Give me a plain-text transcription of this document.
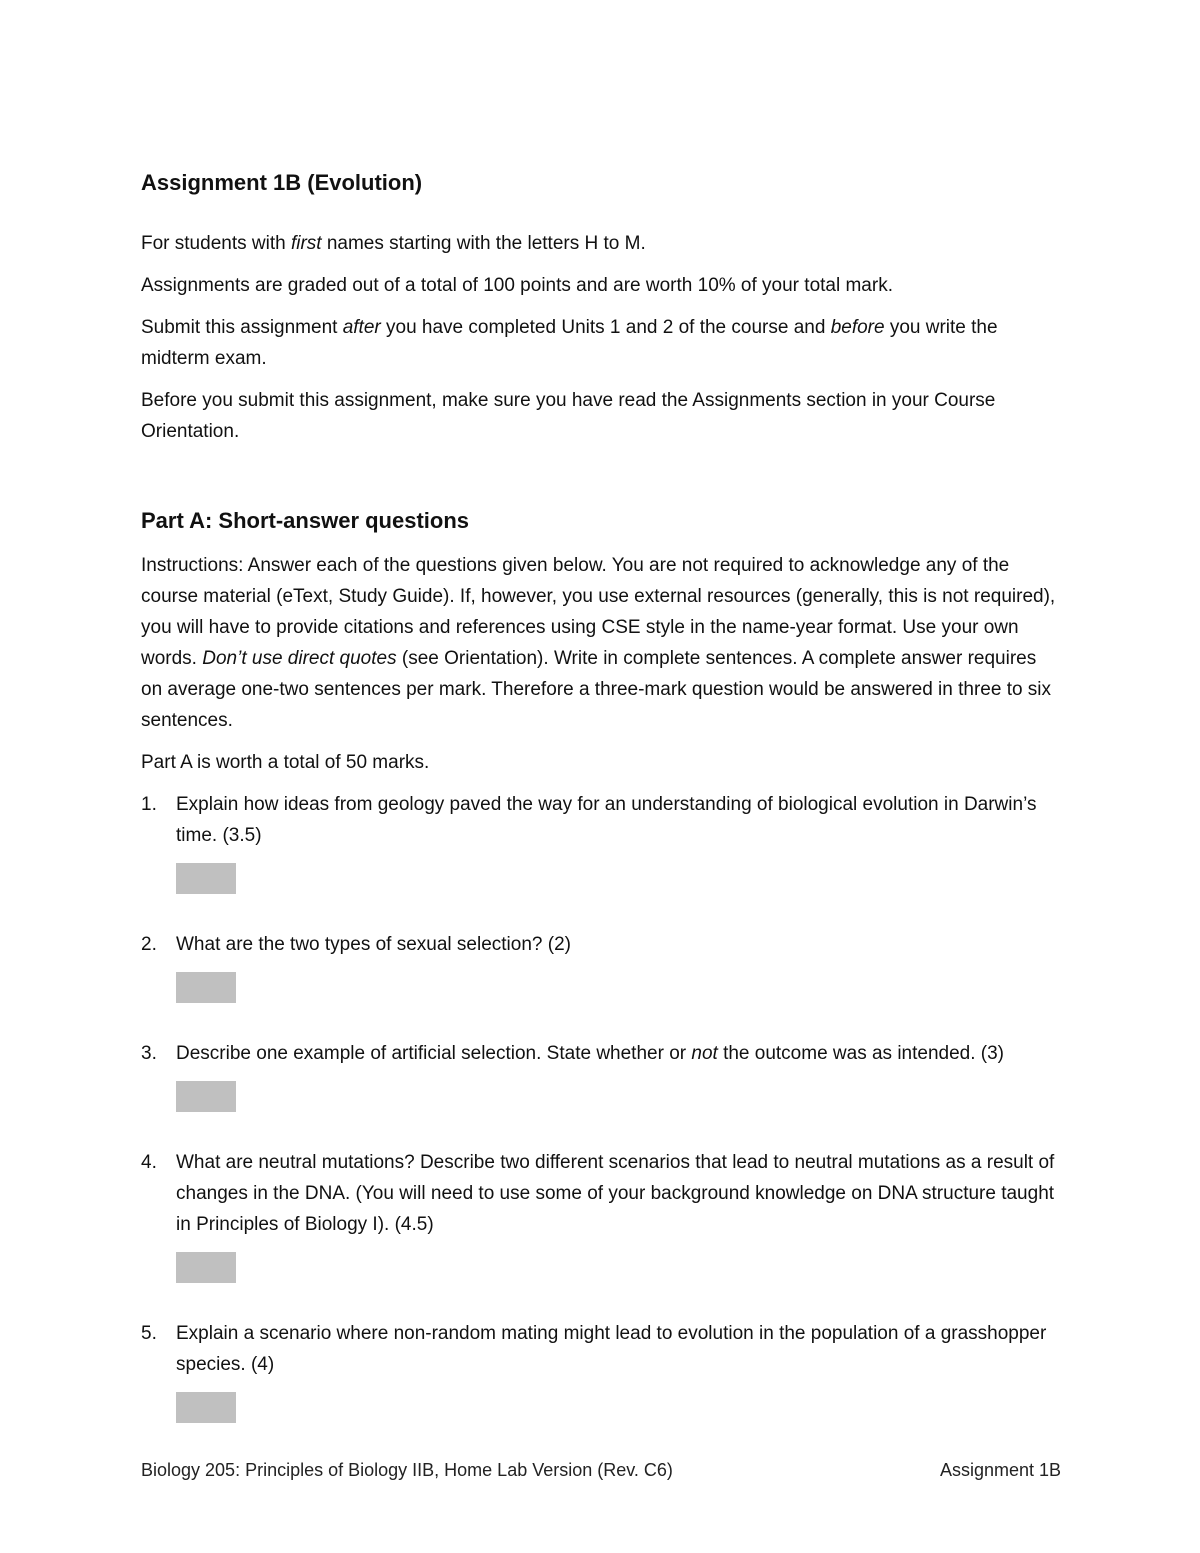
Assignment 1B (Evolution)

For students with first names starting with the letters H to M.

Assignments are graded out of a total of 100 points and are worth 10% of your total mark.

Submit this assignment after you have completed Units 1 and 2 of the course and before you write the midterm exam.

Before you submit this assignment, make sure you have read the Assignments section in your Course Orientation.

Part A: Short-answer questions

Instructions: Answer each of the questions given below. You are not required to acknowledge any of the course material (eText, Study Guide). If, however, you use external resources (generally, this is not required), you will have to provide citations and references using CSE style in the name-year format. Use your own words. Don’t use direct quotes (see Orientation). Write in complete sentences. A complete answer requires on average one-two sentences per mark. Therefore a three-mark question would be answered in three to six sentences.

Part A is worth a total of 50 marks.

1. Explain how ideas from geology paved the way for an understanding of biological evolution in Darwin’s time. (3.5)
2. What are the two types of sexual selection? (2)
3. Describe one example of artificial selection. State whether or not the outcome was as intended. (3)
4. What are neutral mutations? Describe two different scenarios that lead to neutral mutations as a result of changes in the DNA. (You will need to use some of your background knowledge on DNA structure taught in Principles of Biology I). (4.5)
5. Explain a scenario where non-random mating might lead to evolution in the population of a grasshopper species. (4)
Biology 205: Principles of Biology IIB, Home Lab Version (Rev. C6)	Assignment 1B
